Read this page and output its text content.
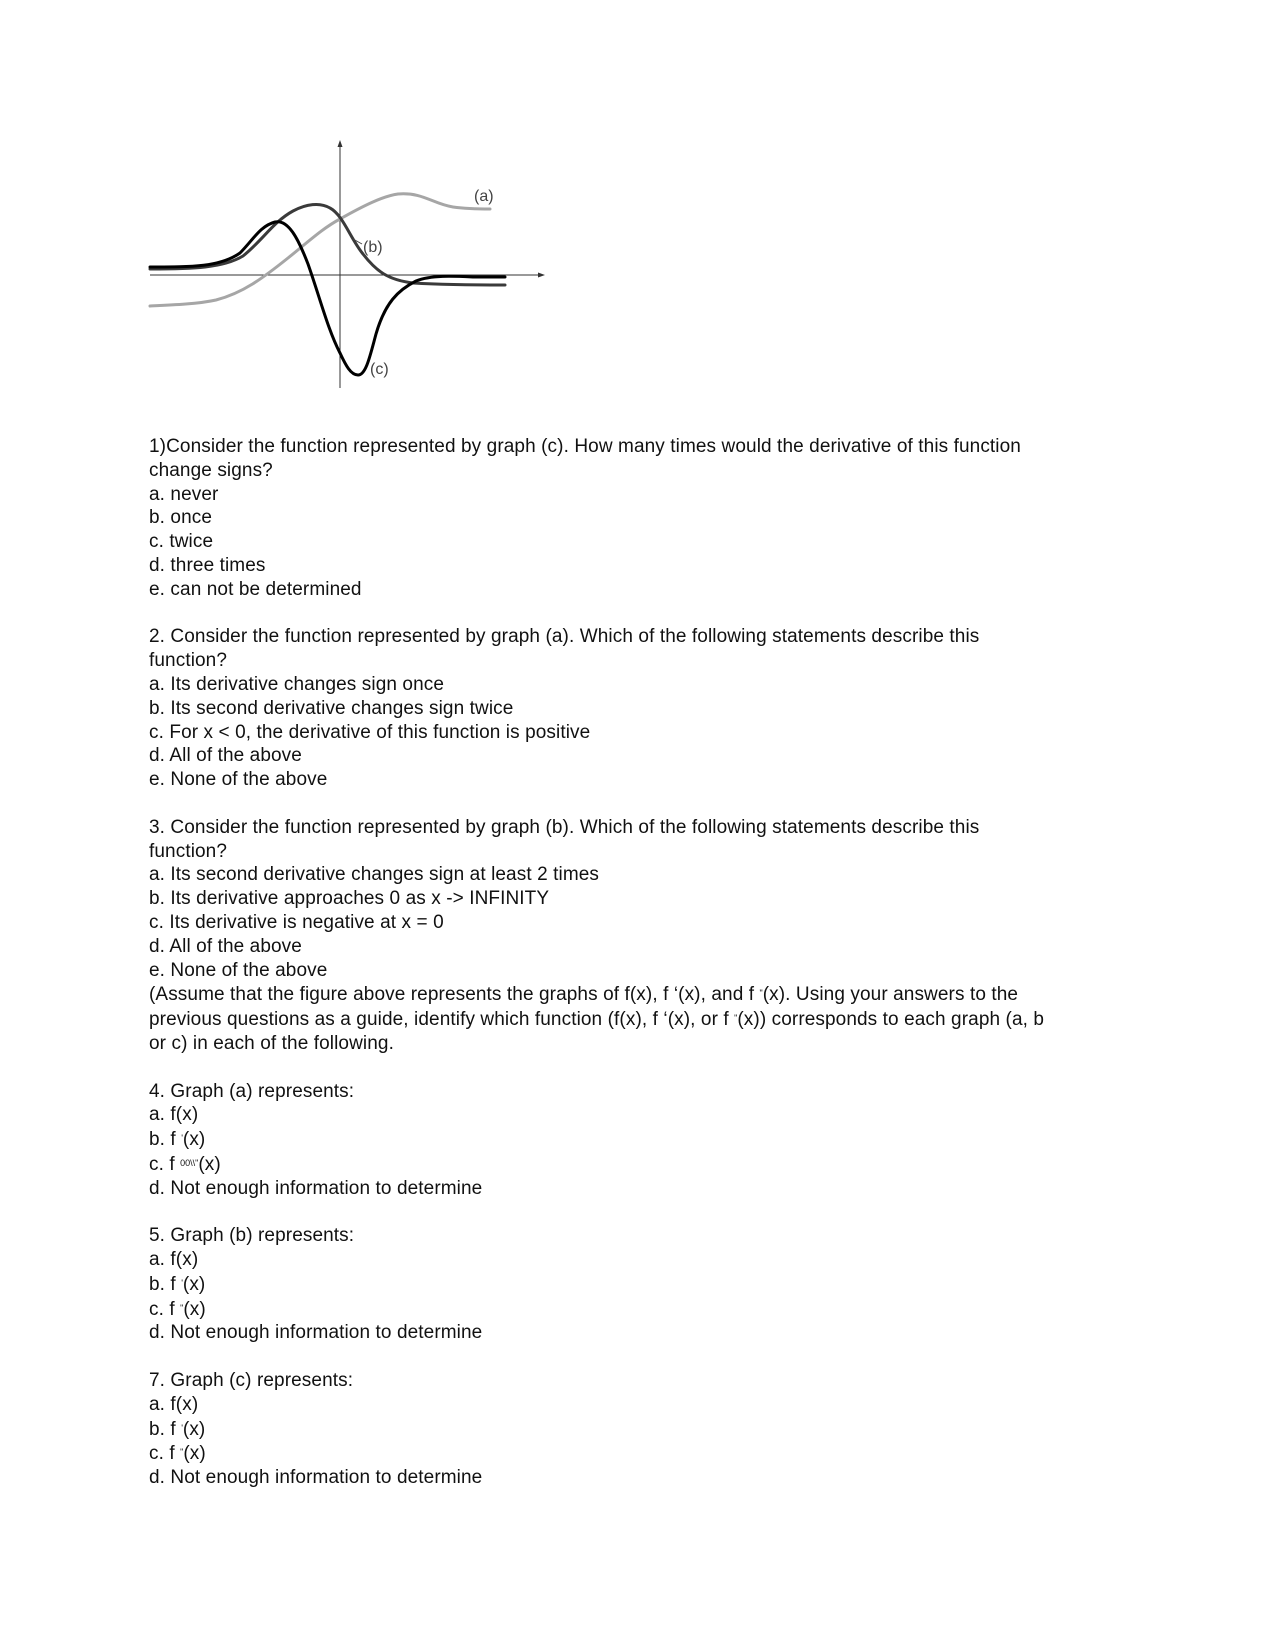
(a)
(b)
(c)
1)Consider the function represented by graph (c). How many times would the derivative of this function
change signs?
a. never
b. once
c. twice
d. three times
e. can not be determined
2. Consider the function represented by graph (a). Which of the following statements describe this
function?
a. Its derivative changes sign once
b. Its second derivative changes sign twice
c. For x < 0, the derivative of this function is positive
d. All of the above
e. None of the above
3. Consider the function represented by graph (b). Which of the following statements describe this
function?
a. Its second derivative changes sign at least 2 times
b. Its derivative approaches 0 as x -> INFINITY
c. Its derivative is negative at x = 0
d. All of the above
e. None of the above
(Assume that the figure above represents the graphs of f(x), f ‘(x), and f "(x). Using your answers to the
previous questions as a guide, identify which function (f(x), f ‘(x), or f "(x)) corresponds to each graph (a, b
or c) in each of the following.
4. Graph (a) represents:
a. f(x)
b. f '(x)
c. f $^{00\backslash\backslash"}$(x)
d. Not enough information to determine
5. Graph (b) represents:
a. f(x)
b. f '(x)
c. f "(x)
d. Not enough information to determine
7. Graph (c) represents:
a. f(x)
b. f '(x)
c. f "(x)
d. Not enough information to determine
